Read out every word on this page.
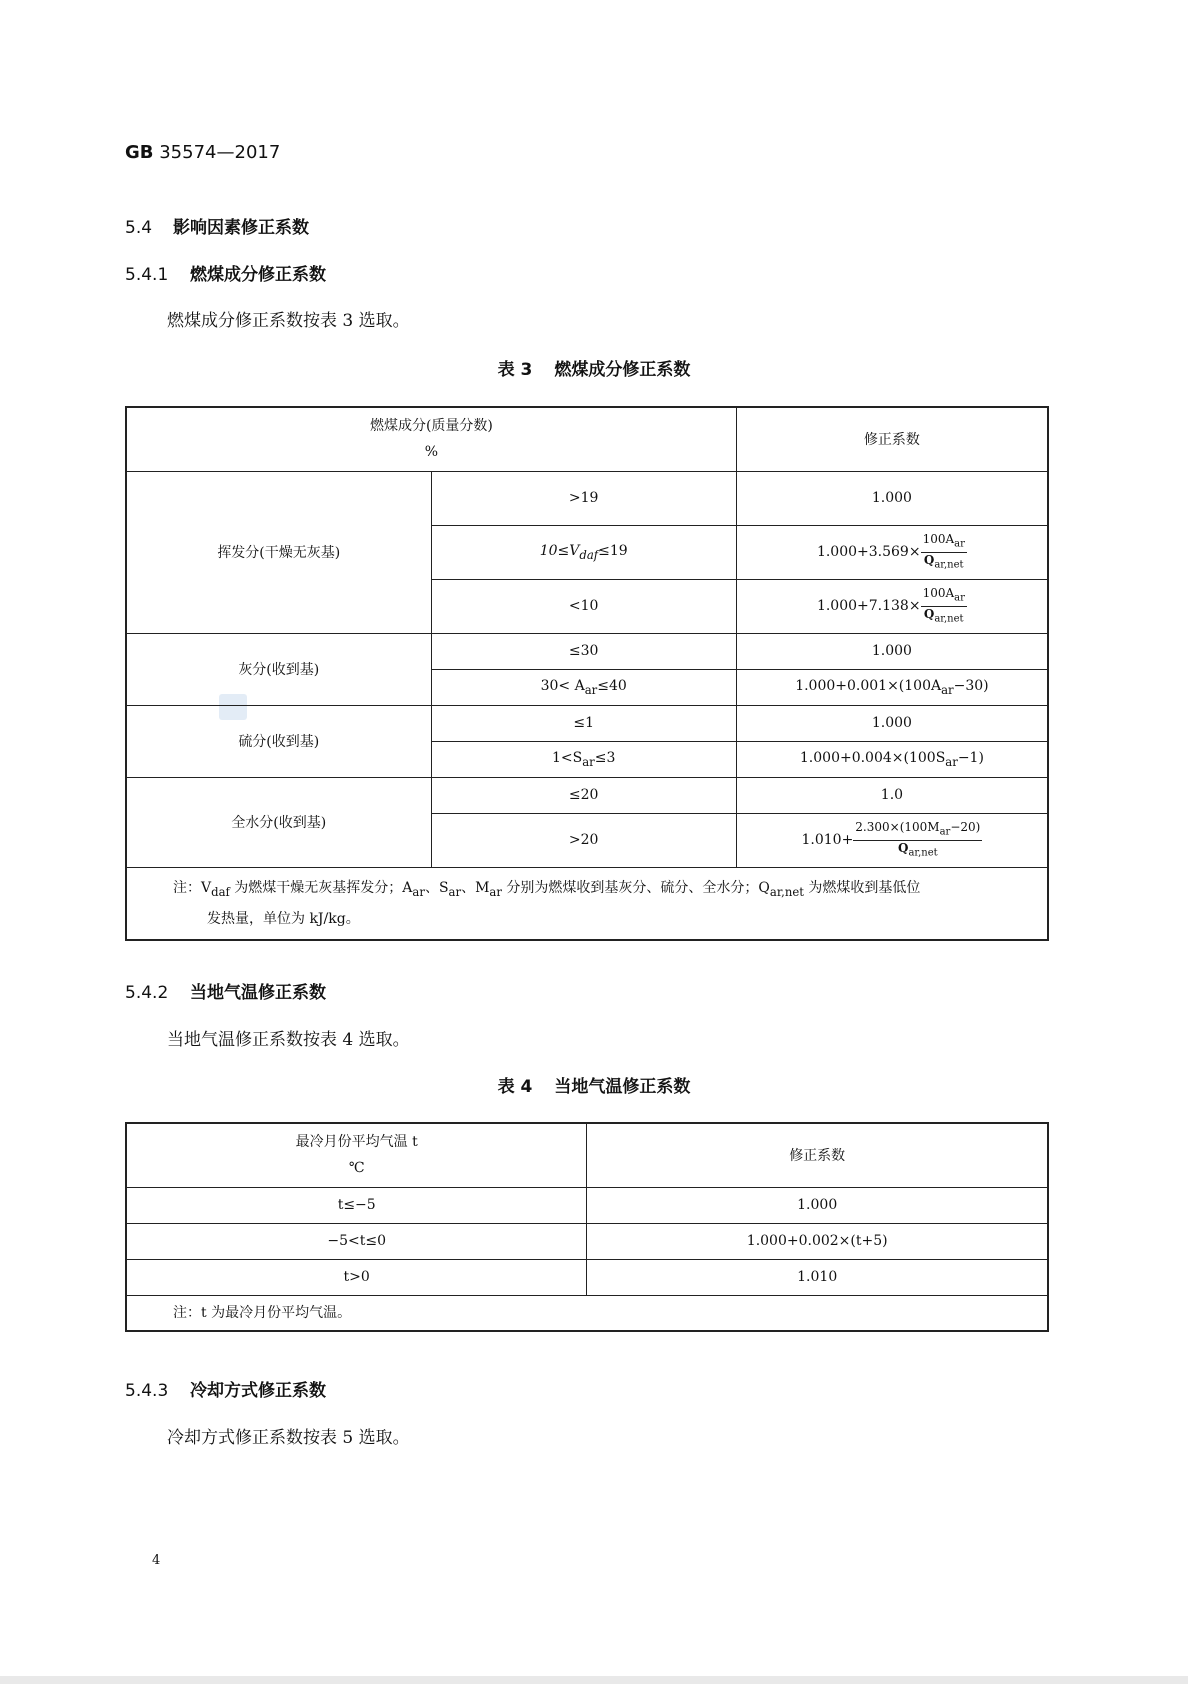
GB 35574—2017
5.4 影响因素修正系数
5.4.1 燃煤成分修正系数
燃煤成分修正系数按表 3 选取。
表 3 燃煤成分修正系数
燃煤成分(质量分数)
%		修正系数
挥发分(干燥无灰基)	>19	1.000
	$10\le V_{daf}\le 19$	$1.000+3.569\times \frac{100A_{ar}}{Q_{ar,net}}$

	<10	$1.000+7.138\times \frac{100A_{ar}}{Q_{ar,net}}$

灰分(收到基)	≤30	1.000
	$30< A_{ar}\le 40$	$1.000+0.001\times(100A_{ar}-30)$
硫分(收到基)	≤1	1.000
	$1<S_{ar}\le 3$	$1.000+0.004\times(100S_{ar}-1)$
全水分(收到基)	≤20	1.0
	>20	$1.010+ \frac{2.300\times(100M_{ar}-20)}{Q_{ar,net}}$

注：$V_{daf}$ 为燃煤干燥无灰基挥发分；$A_{ar}$、$S_{ar}$、$M_{ar}$ 分别为燃煤收到基灰分、硫分、全水分；$Q_{ar,net}$ 为燃煤收到基低位
发热量，单位为 kJ/kg。		
5.4.2 当地气温修正系数
当地气温修正系数按表 4 选取。
表 4 当地气温修正系数
最冷月份平均气温 t
℃	修正系数
t≤−5	1.000
−5<t≤0	1.000+0.002×(t+5)
t>0	1.010
注：t 为最冷月份平均气温。	
5.4.3 冷却方式修正系数
冷却方式修正系数按表 5 选取。
4
